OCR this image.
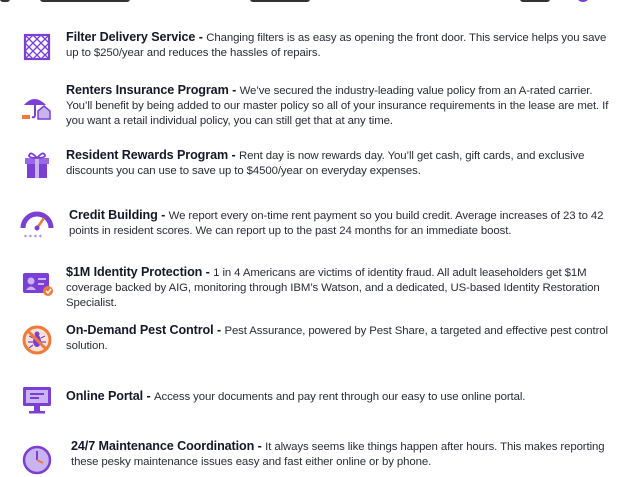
Filter Delivery Service - Changing filters is as easy as opening the front door. This service helps you save up to $250/year and reduces the hassles of repairs.
Renters Insurance Program - We’ve secured the industry-leading value policy from an A-rated carrier. You’ll benefit by being added to our master policy so all of your insurance requirements in the lease are met. If you want a retail individual policy, you can still get that at any time.
Resident Rewards Program - Rent day is now rewards day. You’ll get cash, gift cards, and exclusive discounts you can use to save up to $4500/year on everyday expenses.
* * * *
Credit Building - We report every on-time rent payment so you build credit. Average increases of 23 to 42 points in resident scores. We can report up to the past 24 months for an immediate boost.
$1M Identity Protection - 1 in 4 Americans are victims of identity fraud. All adult leaseholders get $1M coverage backed by AIG, monitoring through IBM’s Watson, and a dedicated, US-based Identity Restoration Specialist.
On-Demand Pest Control - Pest Assurance, powered by Pest Share, a targeted and effective pest control solution.
Online Portal - Access your documents and pay rent through our easy to use online portal.
24/7 Maintenance Coordination - It always seems like things happen after hours. This makes reporting these pesky maintenance issues easy and fast either online or by phone.
